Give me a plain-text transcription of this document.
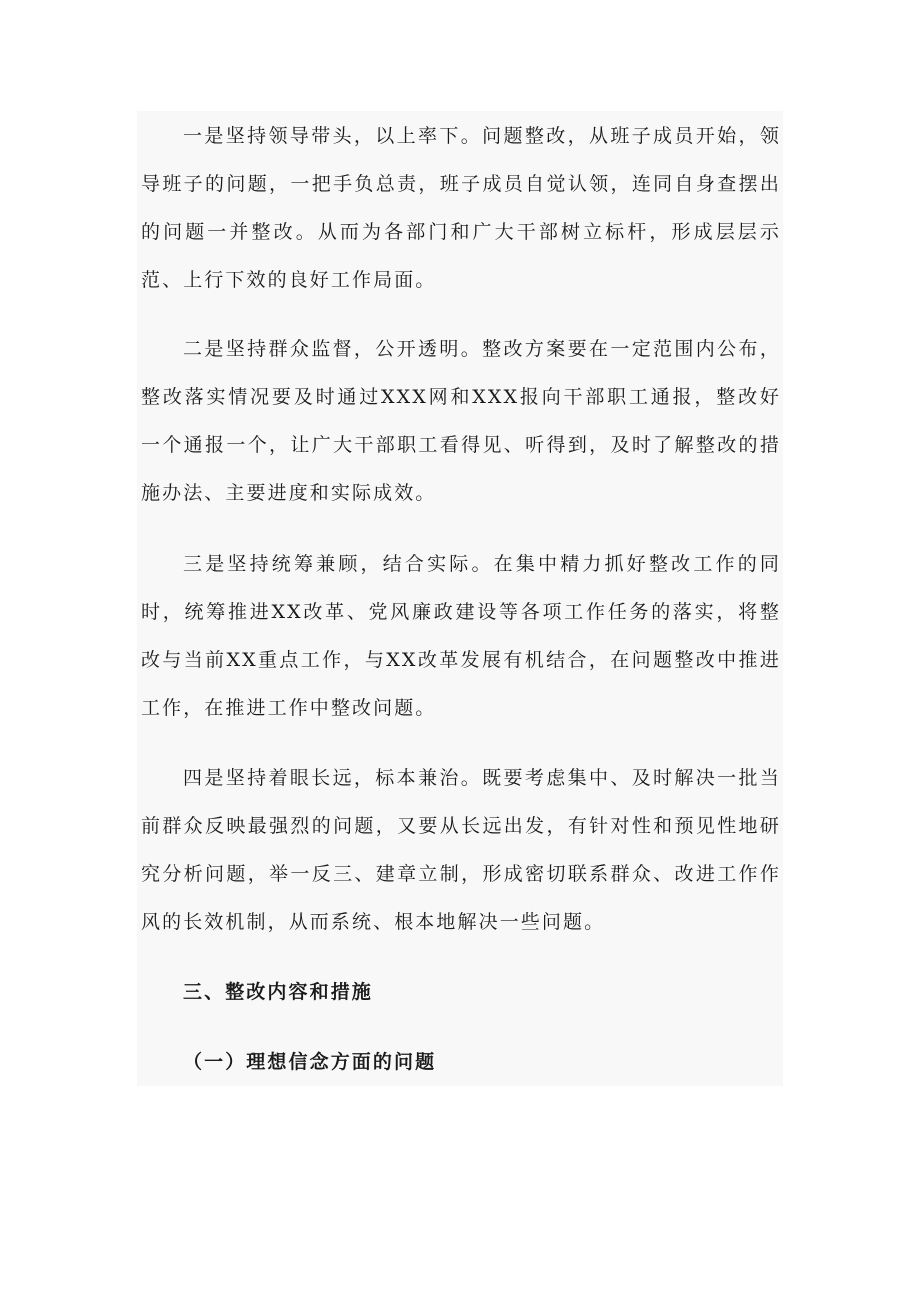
一是坚持领导带头，以上率下。问题整改，从班子成员开始，领导班子的问题，一把手负总责，班子成员自觉认领，连同自身查摆出的问题一并整改。从而为各部门和广大干部树立标杆，形成层层示范、上行下效的良好工作局面。

二是坚持群众监督，公开透明。整改方案要在一定范围内公布，整改落实情况要及时通过XXX网和XXX报向干部职工通报，整改好一个通报一个，让广大干部职工看得见、听得到，及时了解整改的措施办法、主要进度和实际成效。

三是坚持统筹兼顾，结合实际。在集中精力抓好整改工作的同时，统筹推进XX改革、党风廉政建设等各项工作任务的落实，将整改与当前XX重点工作，与XX改革发展有机结合，在问题整改中推进工作，在推进工作中整改问题。

四是坚持着眼长远，标本兼治。既要考虑集中、及时解决一批当前群众反映最强烈的问题，又要从长远出发，有针对性和预见性地研究分析问题，举一反三、建章立制，形成密切联系群众、改进工作作风的长效机制，从而系统、根本地解决一些问题。

三、整改内容和措施
（一）理想信念方面的问题
